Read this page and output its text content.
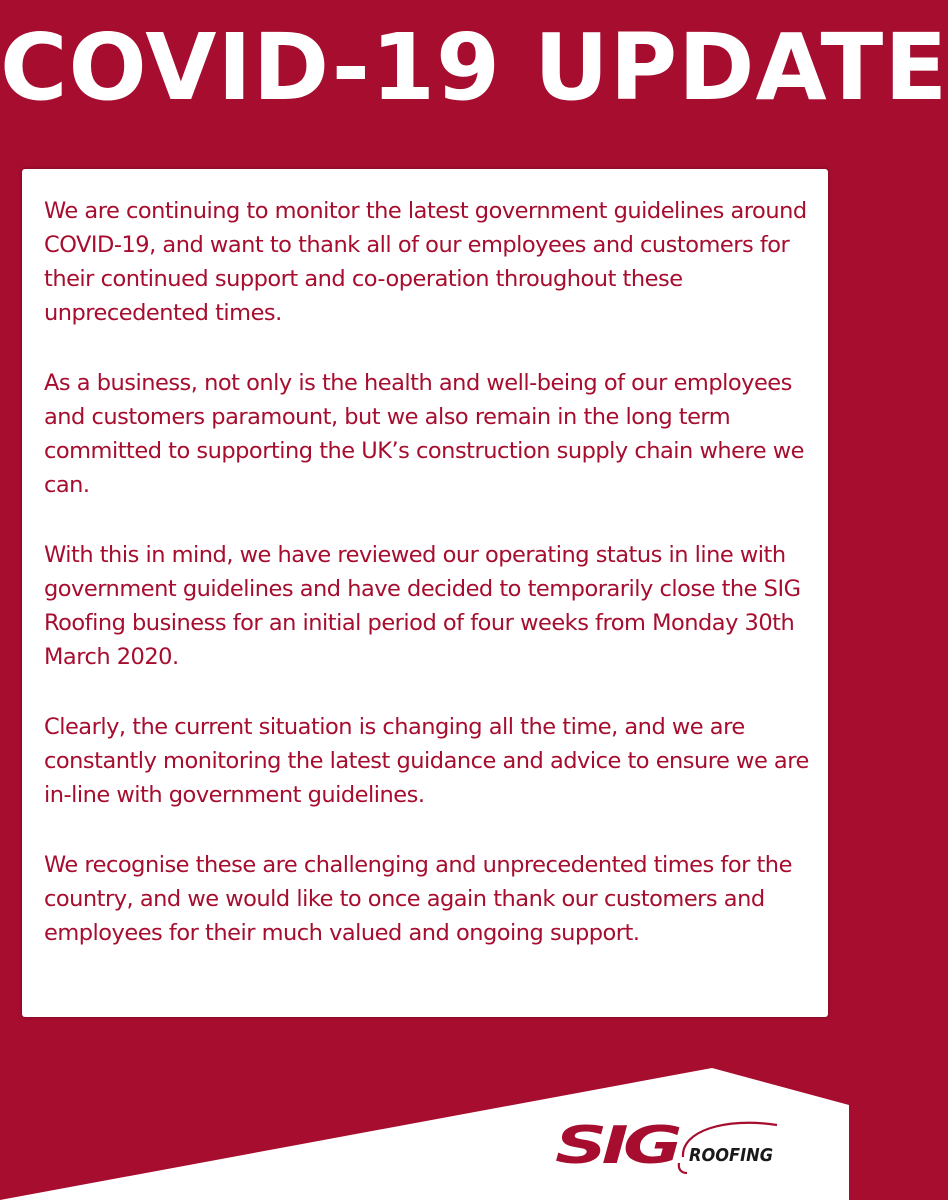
COVID-19 UPDATE

We are continuing to monitor the latest government guidelines around COVID-19, and want to thank all of our employees and customers for their continued support and co-operation throughout these unprecedented times.

As a business, not only is the health and well-being of our employees and customers paramount, but we also remain in the long term committed to supporting the UK’s construction supply chain where we can.

With this in mind, we have reviewed our operating status in line with government guidelines and have decided to temporarily close the SIG Roofing business for an initial period of four weeks from Monday 30th March 2020.

Clearly, the current situation is changing all the time, and we are constantly monitoring the latest guidance and advice to ensure we are in-line with government guidelines.

We recognise these are challenging and unprecedented times for the country, and we would like to once again thank our customers and employees for their much valued and ongoing support.

SIG ROOFING
